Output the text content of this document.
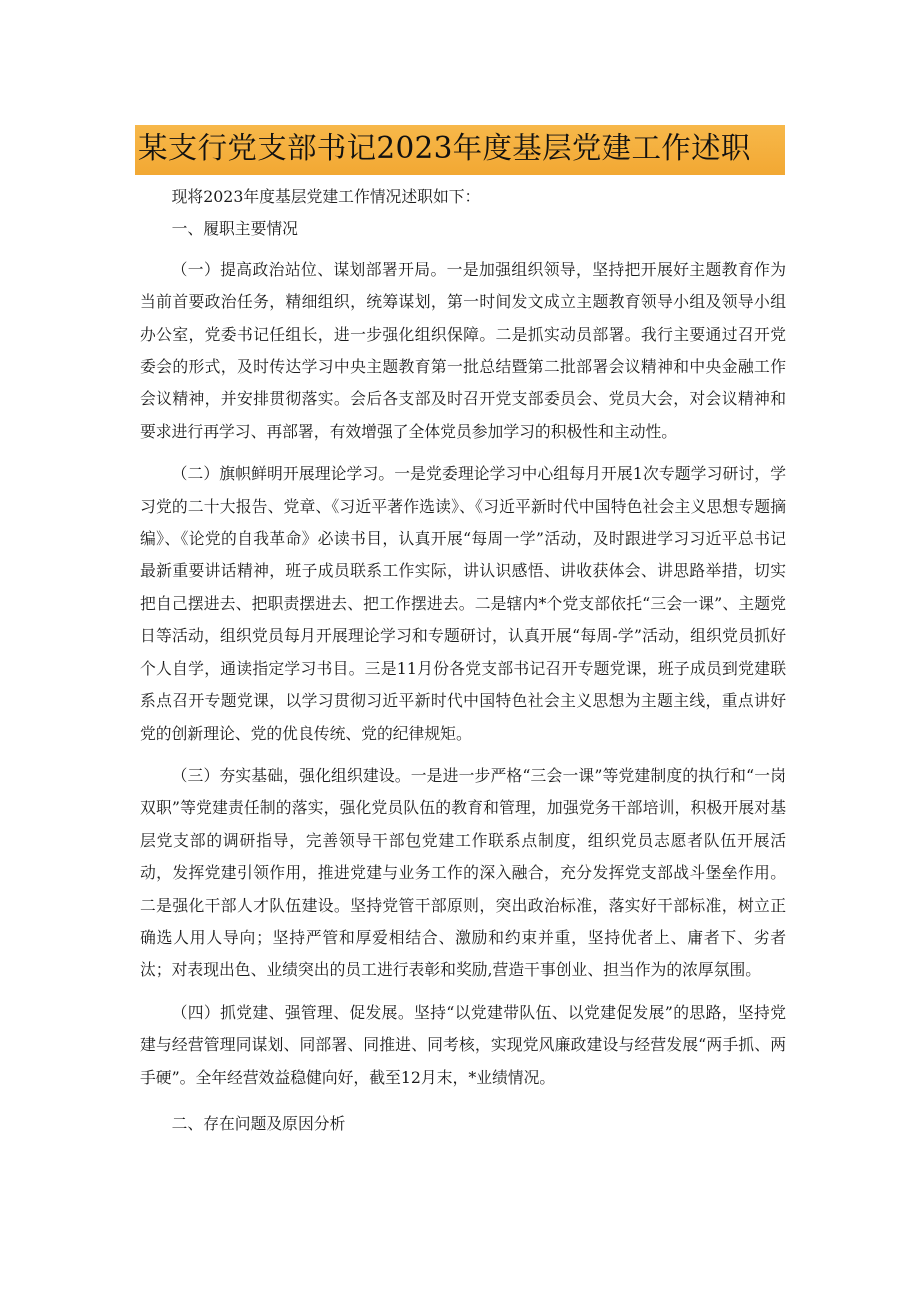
某支行党支部书记2023年度基层党建工作述职

现将2023年度基层党建工作情况述职如下：

一、履职主要情况

（一）提高政治站位、谋划部署开局。一是加强组织领导，坚持把开展好主题教育作为当前首要政治任务，精细组织，统筹谋划，第一时间发文成立主题教育领导小组及领导小组办公室，党委书记任组长，进一步强化组织保障。二是抓实动员部署。我行主要通过召开党委会的形式，及时传达学习中央主题教育第一批总结暨第二批部署会议精神和中央金融工作会议精神，并安排贯彻落实。会后各支部及时召开党支部委员会、党员大会，对会议精神和要求进行再学习、再部署，有效增强了全体党员参加学习的积极性和主动性。

（二）旗帜鲜明开展理论学习。一是党委理论学习中心组每月开展1次专题学习研讨，学习党的二十大报告、党章、《习近平著作选读》、《习近平新时代中国特色社会主义思想专题摘编》、《论党的自我革命》必读书目，认真开展“每周一学”活动，及时跟进学习习近平总书记最新重要讲话精神，班子成员联系工作实际，讲认识感悟、讲收获体会、讲思路举措，切实把自己摆进去、把职责摆进去、把工作摆进去。二是辖内*个党支部依托“三会一课”、主题党日等活动，组织党员每月开展理论学习和专题研讨，认真开展“每周-学”活动，组织党员抓好个人自学，通读指定学习书目。三是11月份各党支部书记召开专题党课，班子成员到党建联系点召开专题党课，以学习贯彻习近平新时代中国特色社会主义思想为主题主线，重点讲好党的创新理论、党的优良传统、党的纪律规矩。

（三）夯实基础，强化组织建设。一是进一步严格“三会一课”等党建制度的执行和“一岗双职”等党建责任制的落实，强化党员队伍的教育和管理，加强党务干部培训，积极开展对基层党支部的调研指导，完善领导干部包党建工作联系点制度，组织党员志愿者队伍开展活动，发挥党建引领作用，推进党建与业务工作的深入融合，充分发挥党支部战斗堡垒作用。二是强化干部人才队伍建设。坚持党管干部原则，突出政治标准，落实好干部标准，树立正确选人用人导向；坚持严管和厚爱相结合、激励和约束并重，坚持优者上、庸者下、劣者汰；对表现出色、业绩突出的员工进行表彰和奖励,营造干事创业、担当作为的浓厚氛围。

（四）抓党建、强管理、促发展。坚持“以党建带队伍、以党建促发展”的思路，坚持党建与经营管理同谋划、同部署、同推进、同考核，实现党风廉政建设与经营发展“两手抓、两手硬”。全年经营效益稳健向好，截至12月末，*业绩情况。

二、存在问题及原因分析
